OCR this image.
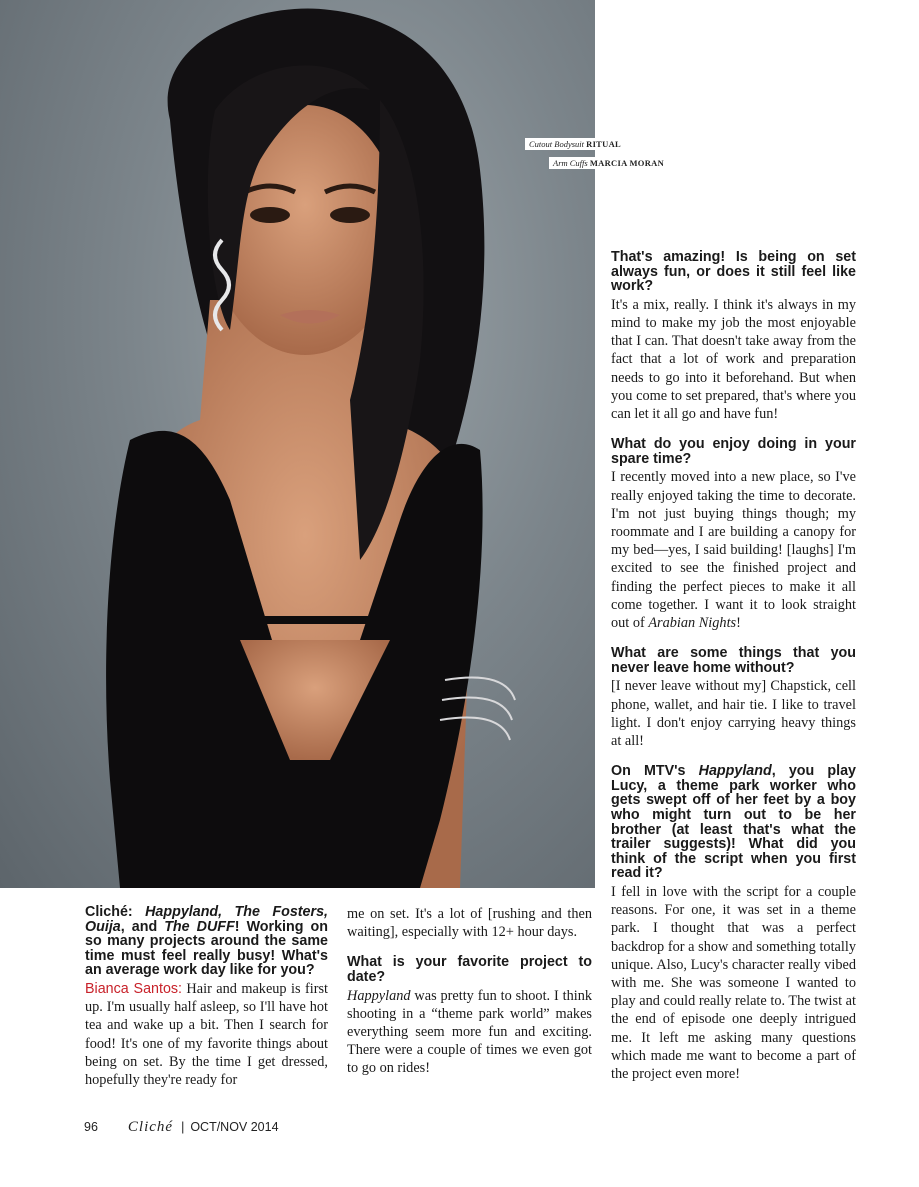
Cutout Bodysuit RITUAL
Arm Cuffs MARCIA MORAN

Cliché: Happyland, The Fosters, Ouija, and The DUFF! Working on so many projects around the same time must feel really busy! What's an average work day like for you?

Bianca Santos: Hair and makeup is first up. I'm usually half asleep, so I'll have hot tea and wake up a bit. Then I search for food! It's one of my favorite things about being on set. By the time I get dressed, hopefully they're ready for

me on set. It's a lot of [rushing and then waiting], especially with 12+ hour days.

What is your favorite project to date?

Happyland was pretty fun to shoot. I think shooting in a “theme park world” makes everything seem more fun and exciting. There were a couple of times we even got to go on rides!

That's amazing! Is being on set always fun, or does it still feel like work?

It's a mix, really. I think it's always in my mind to make my job the most enjoyable that I can. That doesn't take away from the fact that a lot of work and preparation needs to go into it beforehand. But when you come to set prepared, that's where you can let it all go and have fun!

What do you enjoy doing in your spare time?

I recently moved into a new place, so I've really enjoyed taking the time to decorate. I'm not just buying things though; my roommate and I are building a canopy for my bed—yes, I said building! [laughs] I'm excited to see the finished project and finding the perfect pieces to make it all come together. I want it to look straight out of Arabian Nights!

What are some things that you never leave home without?

[I never leave without my] Chapstick, cell phone, wallet, and hair tie. I like to travel light. I don't enjoy carrying heavy things at all!

On MTV's Happyland, you play Lucy, a theme park worker who gets swept off of her feet by a boy who might turn out to be her brother (at least that's what the trailer suggests)! What did you think of the script when you first read it?

I fell in love with the script for a couple reasons. For one, it was set in a theme park. I thought that was a perfect backdrop for a show and something totally unique. Also, Lucy's character really vibed with me. She was someone I wanted to play and could really relate to. The twist at the end of episode one deeply intrigued me. It left me asking many questions which made me want to become a part of the project even more!

96 Cliché | OCT/NOV 2014
